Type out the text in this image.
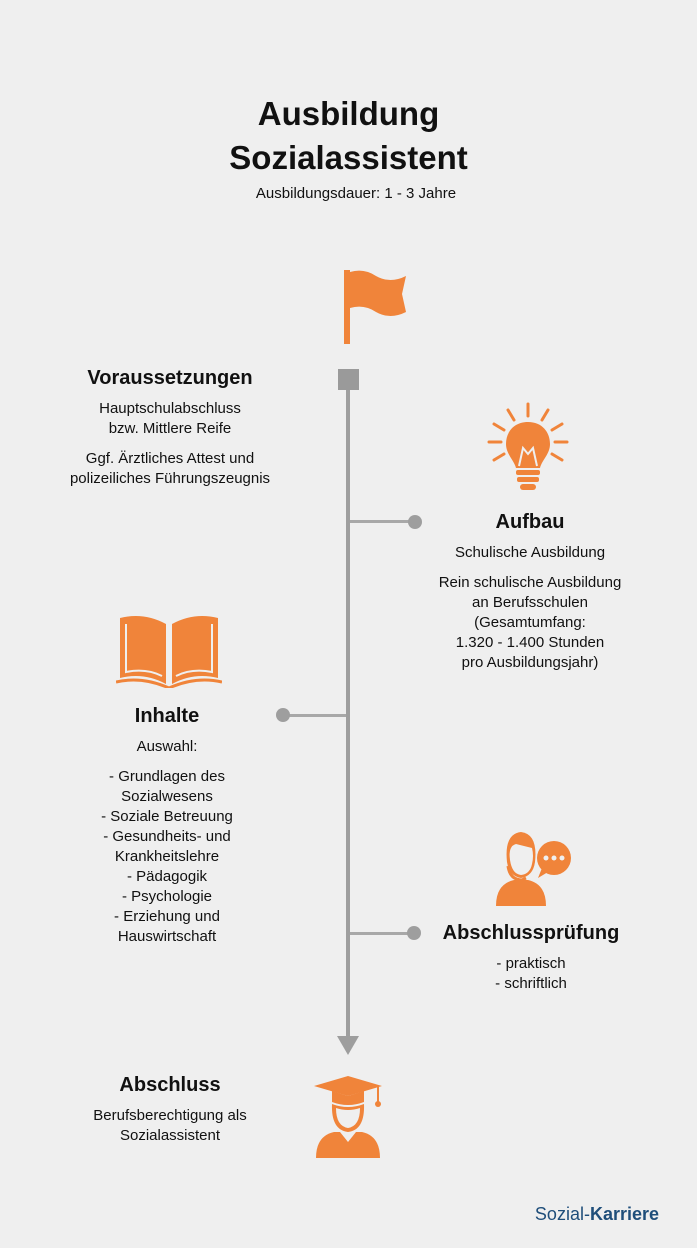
Ausbildung
Sozialassistent
Ausbildungsdauer: 1 - 3 Jahre
Voraussetzungen
Hauptschulabschluss
bzw. Mittlere Reife
Ggf. Ärztliches Attest und
polizeiliches Führungszeugnis
Aufbau
Schulische Ausbildung
Rein schulische Ausbildung
an Berufsschulen
(Gesamtumfang:
1.320 - 1.400 Stunden
pro Ausbildungsjahr)
Inhalte
Auswahl:
- Grundlagen des
Sozialwesens
- Soziale Betreuung
- Gesundheits- und
Krankheitslehre
- Pädagogik
- Psychologie
- Erziehung und
Hauswirtschaft	Abschlussprüfung
- praktisch
- schriftlich
Abschluss
Berufsberechtigung als
Sozialassistent
Sozial-Karriere
